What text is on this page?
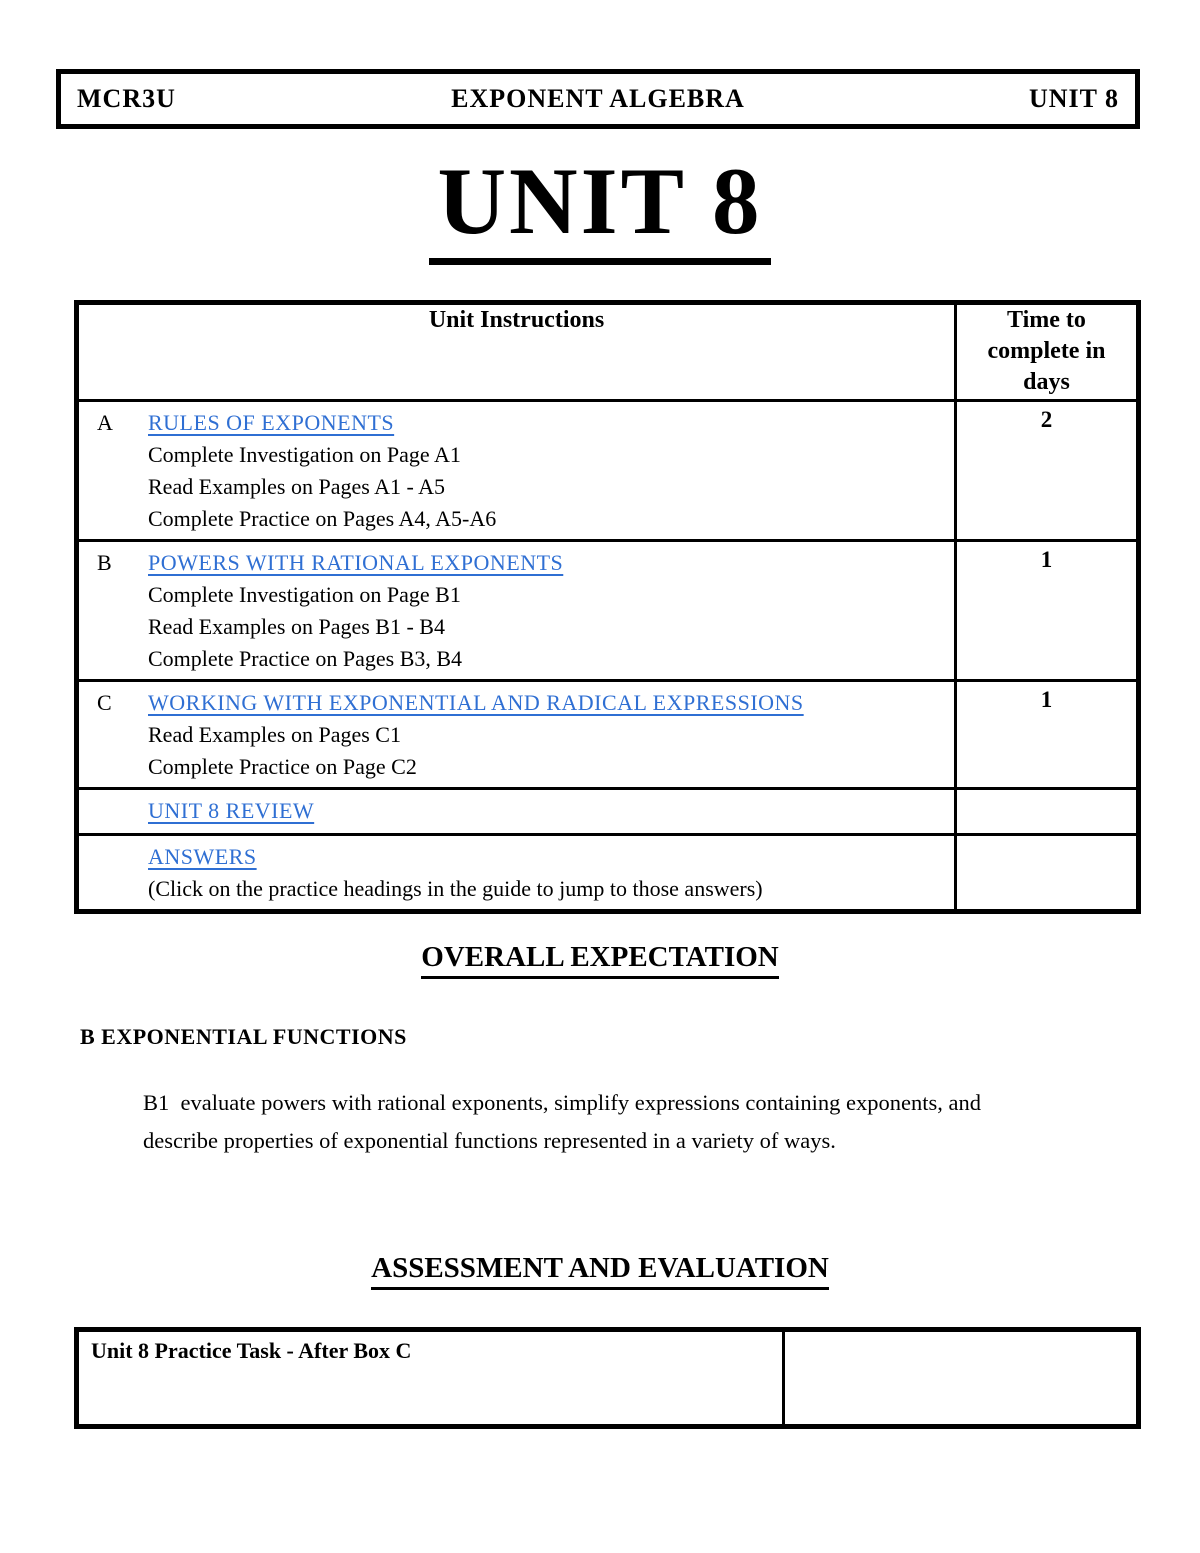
MCR3U	EXPONENT ALGEBRA	UNIT 8
UNIT 8
Unit Instructions	Time to complete in days

A RULES OF EXPONENTS
Complete Investigation on Page A1
Read Examples on Pages A1 - A5
Complete Practice on Pages A4, A5-A6	2

B POWERS WITH RATIONAL EXPONENTS
Complete Investigation on Page B1
Read Examples on Pages B1 - B4
Complete Practice on Pages B3, B4	1

C WORKING WITH EXPONENTIAL AND RADICAL EXPRESSIONS
Read Examples on Pages C1
Complete Practice on Page C2	1

UNIT 8 REVIEW	

ANSWERS
(Click on the practice headings in the guide to jump to those answers)	

OVERALL EXPECTATION
B EXPONENTIAL FUNCTIONS
B1  evaluate powers with rational exponents, simplify expressions containing exponents, and describe properties of exponential functions represented in a variety of ways.
ASSESSMENT AND EVALUATION
Unit 8 Practice Task - After Box C	
